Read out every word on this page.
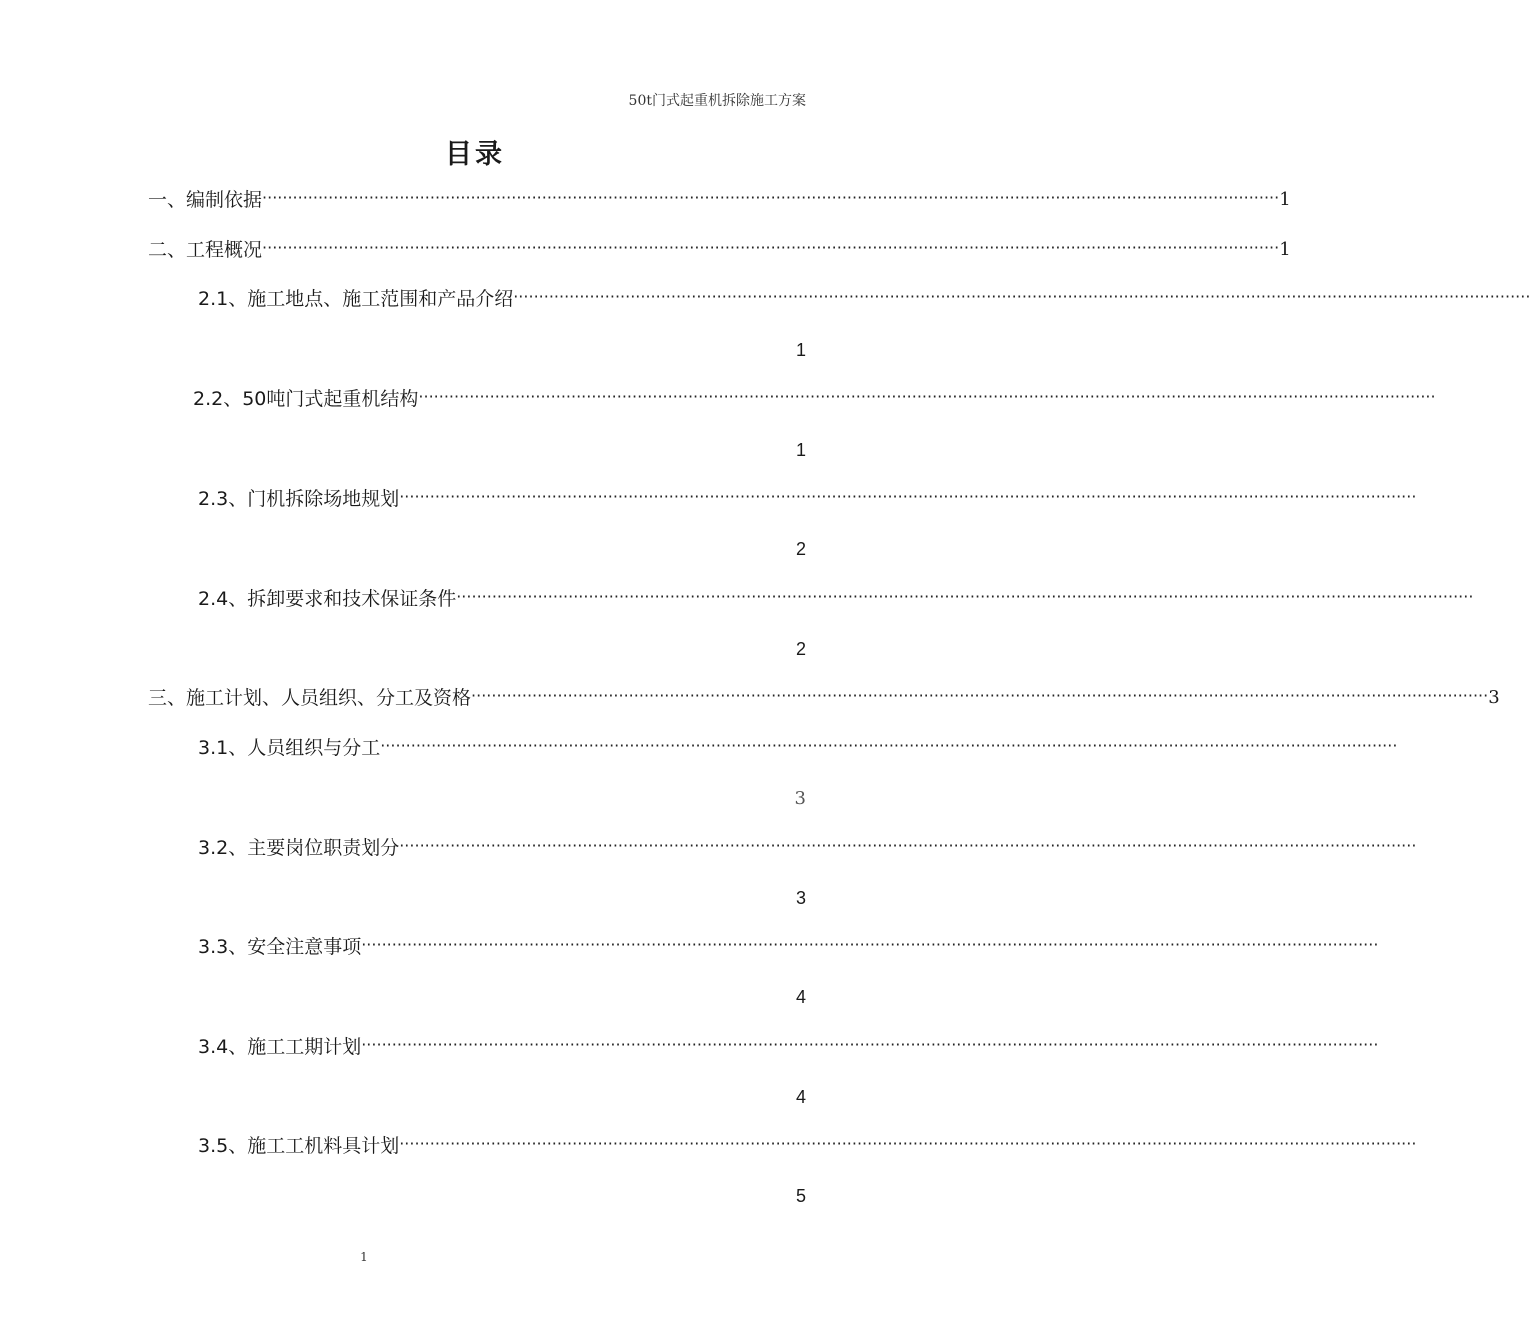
50t门式起重机拆除施工方案
目录
一、编制依据 ········································································································································································································ 1
二、工程概况 ········································································································································································································ 1
2.1、施工地点、施工范围和产品介绍 ········································································································································································································
1
2.2、50吨门式起重机结构 ········································································································································································································
1
2.3、门机拆除场地规划 ········································································································································································································
2
2.4、拆卸要求和技术保证条件 ········································································································································································································
2
三、施工计划、人员组织、分工及资格 ········································································································································································································ 3
3.1、人员组织与分工 ········································································································································································································
3
3.2、主要岗位职责划分 ········································································································································································································
3
3.3、安全注意事项 ········································································································································································································
4
3.4、施工工期计划 ········································································································································································································
4
3.5、施工工机料具计划 ········································································································································································································
5
1
